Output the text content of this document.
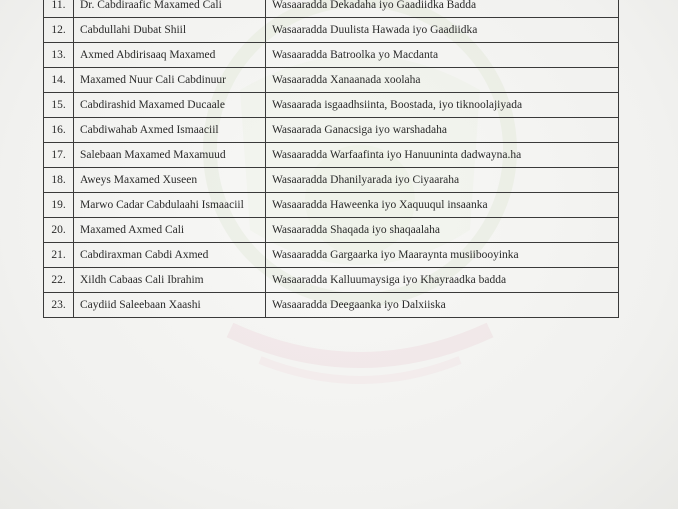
11.	Dr. Cabdiraafic Maxamed Cali	Wasaaradda Dekadaha iyo Gaadiidka Badda
12.	Cabdullahi Dubat Shiil	Wasaaradda Duulista Hawada iyo Gaadiidka
13.	Axmed Abdirisaaq Maxamed	Wasaaradda Batroolka yo Macdanta
14.	Maxamed Nuur Cali Cabdinuur	Wasaaradda Xanaanada xoolaha
15.	Cabdirashid Maxamed Ducaale	Wasaarada isgaadhsiinta, Boostada, iyo tiknoolajiyada
16.	Cabdiwahab Axmed Ismaaciil	Wasaarada Ganacsiga iyo warshadaha
17.	Salebaan Maxamed Maxamuud	Wasaaradda Warfaafinta iyo Hanuuninta dadwayna.ha
18.	Aweys Maxamed Xuseen	Wasaaradda Dhanilyarada iyo Ciyaaraha
19.	Marwo Cadar Cabdulaahi Ismaaciil	Wasaaradda Haweenka iyo Xaquuqul insaanka
20.	Maxamed Axmed Cali	Wasaaradda Shaqada iyo shaqaalaha
21.	Cabdiraxman Cabdi Axmed	Wasaaradda Gargaarka iyo Maaraynta musiibooyinka
22.	Xildh Cabaas Cali Ibrahim	Wasaaradda Kalluumaysiga iyo Khayraadka badda
23.	Caydiid Saleebaan Xaashi	Wasaaradda Deegaanka iyo Dalxiiska
